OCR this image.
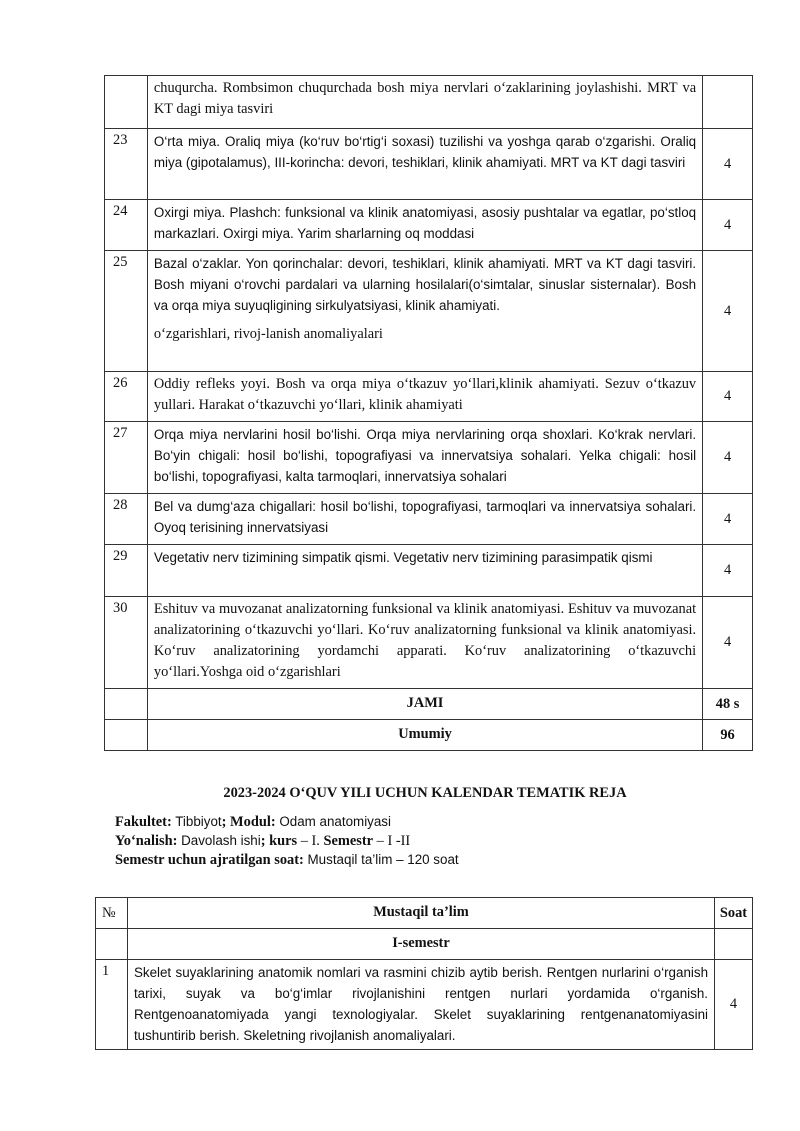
	chuqurcha. Rombsimon chuqurchada bosh miya nervlari o‘zaklarining joylashishi. MRT va KT dagi miya tasviri	
23	O‘rta miya. Oraliq miya (ko‘ruv bo‘rtig‘i soxasi) tuzilishi va yoshga qarab o‘zgarishi. Oraliq miya (gipotalamus), III-korincha: devori, teshiklari, klinik ahamiyati. MRT va KT dagi tasviri	4
24	Oxirgi miya. Plashch: funksional va klinik anatomiyasi, asosiy pushtalar va egatlar, po‘stloq markazlari. Oxirgi miya. Yarim sharlarning oq moddasi	4
25	Bazal o‘zaklar. Yon qorinchalar: devori, teshiklari, klinik ahamiyati. MRT va KT dagi tasviri. Bosh miyani o‘rovchi pardalari va ularning hosilalari(o‘simtalar, sinuslar sisternalar). Bosh va orqa miya suyuqligining sirkulyatsiyasi, klinik ahamiyati.
o‘zgarishlari, rivoj-lanish anomaliyalari	4
26	Oddiy refleks yoyi. Bosh va orqa miya o‘tkazuv yo‘llari,klinik ahamiyati. Sezuv o‘tkazuv yullari. Harakat o‘tkazuvchi yo‘llari, klinik ahamiyati	4
27	Orqa miya nervlarini hosil bo‘lishi. Orqa miya nervlarining orqa shoxlari. Ko‘krak nervlari. Bo‘yin chigali: hosil bo‘lishi, topografiyasi va innervatsiya sohalari. Yelka chigali: hosil bo‘lishi, topografiyasi, kalta tarmoqlari, innervatsiya sohalari	4
28	Bel va dumg‘aza chigallari: hosil bo‘lishi, topografiyasi, tarmoqlari va innervatsiya sohalari. Oyoq terisining innervatsiyasi	4
29	Vegetativ nerv tizimining simpatik qismi. Vegetativ nerv tizimining parasimpatik qismi	4
30	Eshituv va muvozanat analizatorning funksional va klinik anatomiyasi. Eshituv va muvozanat analizatorining o‘tkazuvchi yo‘llari. Ko‘ruv analizatorning funksional va klinik anatomiyasi. Ko‘ruv analizatorining yordamchi apparati. Ko‘ruv analizatorining o‘tkazuvchi yo‘llari.Yoshga oid o‘zgarishlari	4
	JAMI	48 s
	Umumiy	96
2023-2024 O‘QUV YILI UCHUN KALENDAR TEMATIK REJA
Fakultet: Tibbiyot; Modul: Odam anatomiyasi
Yo‘nalish: Davolash ishi; kurs – I. Semestr – I -II
Semestr uchun ajratilgan soat: Mustaqil ta’lim – 120 soat
№	Mustaqil ta’lim	Soat
	I-semestr	
1	Skelet suyaklarining anatomik nomlari va rasmini chizib aytib berish. Rentgen nurlarini o‘rganish tarixi, suyak va bo‘g‘imlar rivojlanishini rentgen nurlari yordamida o‘rganish. Rentgenoanatomiyada yangi texnologiyalar. Skelet suyaklarining rentgenanatomiyasini tushuntirib berish. Skeletning rivojlanish anomaliyalari.	4
